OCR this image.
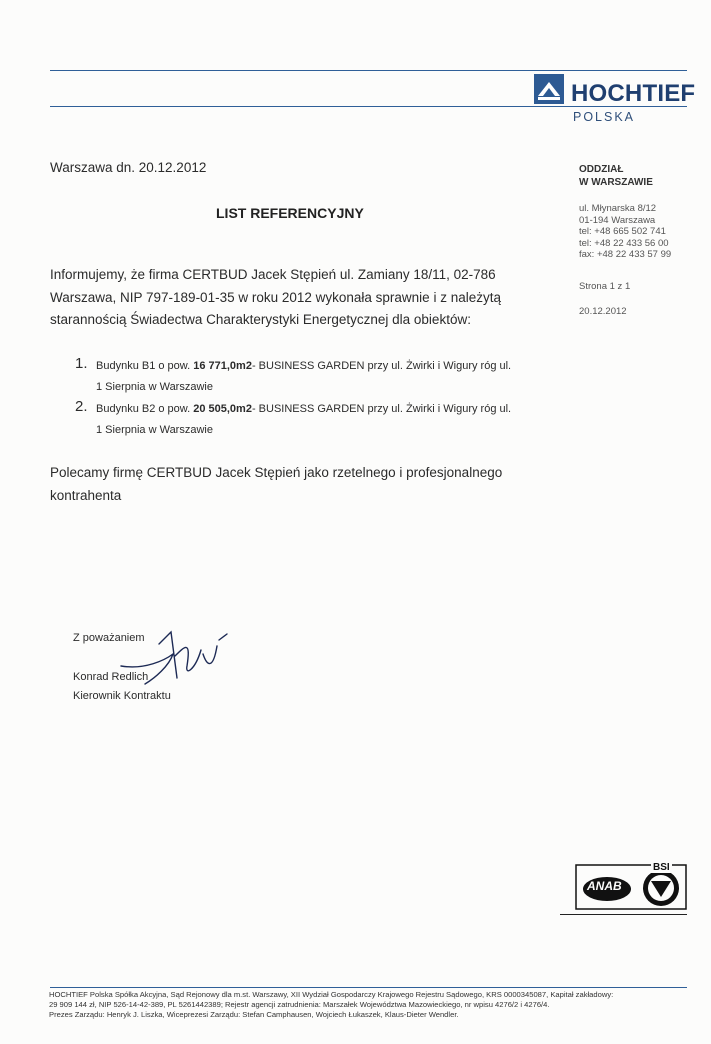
HOCHTIEF
POLSKA
ODDZIAŁ
W WARSZAWIE
ul. Młynarska 8/12
01-194 Warszawa
tel: +48 665 502 741
tel: +48 22 433 56 00
fax: +48 22 433 57 99
Strona 1 z 1
20.12.2012
Warszawa dn. 20.12.2012
LIST REFERENCYJNY
Informujemy, że firma CERTBUD Jacek Stępień ul. Zamiany 18/11, 02-786
Warszawa, NIP 797-189-01-35 w roku 2012 wykonała sprawnie i z należytą
starannością Świadectwa Charakterystyki Energetycznej dla obiektów:
1. Budynku B1 o pow. 16 771,0m2- BUSINESS GARDEN przy ul. Żwirki i Wigury róg ul.
1 Sierpnia w Warszawie
2. Budynku B2 o pow. 20 505,0m2- BUSINESS GARDEN przy ul. Żwirki i Wigury róg ul.
1 Sierpnia w Warszawie
Polecamy firmę CERTBUD Jacek Stępień jako rzetelnego i profesjonalnego
kontrahenta
Z poważaniem
Konrad Redlich
Kierownik Kontraktu
ANAB
BSI
HOCHTIEF Polska Spółka Akcyjna, Sąd Rejonowy dla m.st. Warszawy, XII Wydział Gospodarczy Krajowego Rejestru Sądowego, KRS 0000345087, Kapitał zakładowy:
29 909 144 zł, NIP 526-14-42-389, PL 5261442389; Rejestr agencji zatrudnienia: Marszałek Województwa Mazowieckiego, nr wpisu 4276/2 i 4276/4.
Prezes Zarządu: Henryk J. Liszka, Wiceprezesi Zarządu: Stefan Camphausen, Wojciech Łukaszek, Klaus-Dieter Wendler.
